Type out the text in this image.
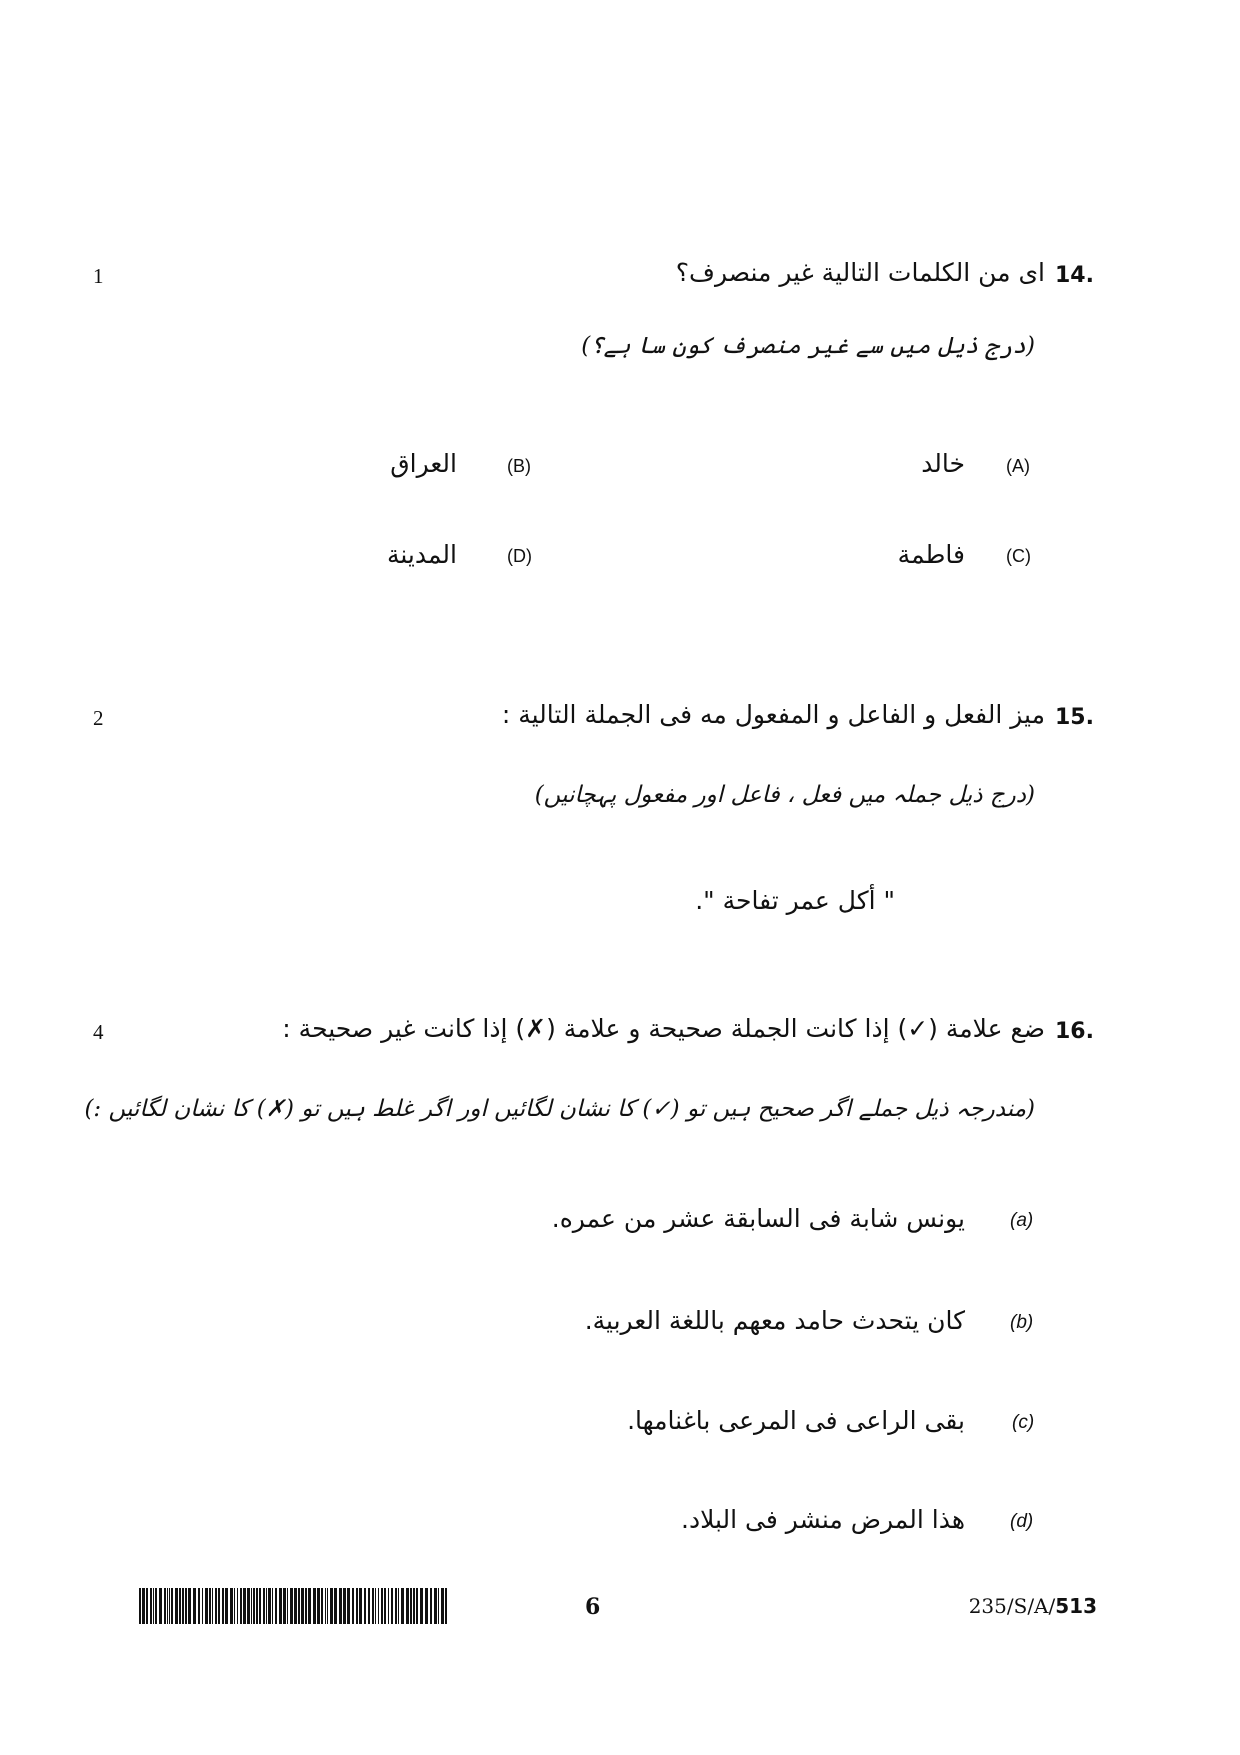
1	14.
اى من الكلمات التالية غير منصرف؟
(درج ذیل میں سے غیر منصرف کون سا ہے؟)
(A)
خالد
(B)
العراق
(C)
فاطمة
(D)
المدينة
2	15.
ميز الفعل و الفاعل و المفعول مه فى الجملة التالية :
(درج ذیل جملہ میں فعل ، فاعل اور مفعول پہچانیں)
" أكل عمر تفاحة ".
4	16.
ضع علامة (✓) إذا كانت الجملة صحيحة و علامة (✗) إذا كانت غير صحيحة :
(مندرجہ ذیل جملے اگر صحیح ہیں تو (✓) کا نشان لگائیں اور اگر غلط ہیں تو (✗) کا نشان لگائیں :)
(a)
يونس شابة فى السابقة عشر من عمره.
(b)
كان يتحدث حامد معهم باللغة العربية.
(c)
بقى الراعى فى المرعى باغنامها.
(d)
هذا المرض منشر فى البلاد.
6	235/S/A/513
